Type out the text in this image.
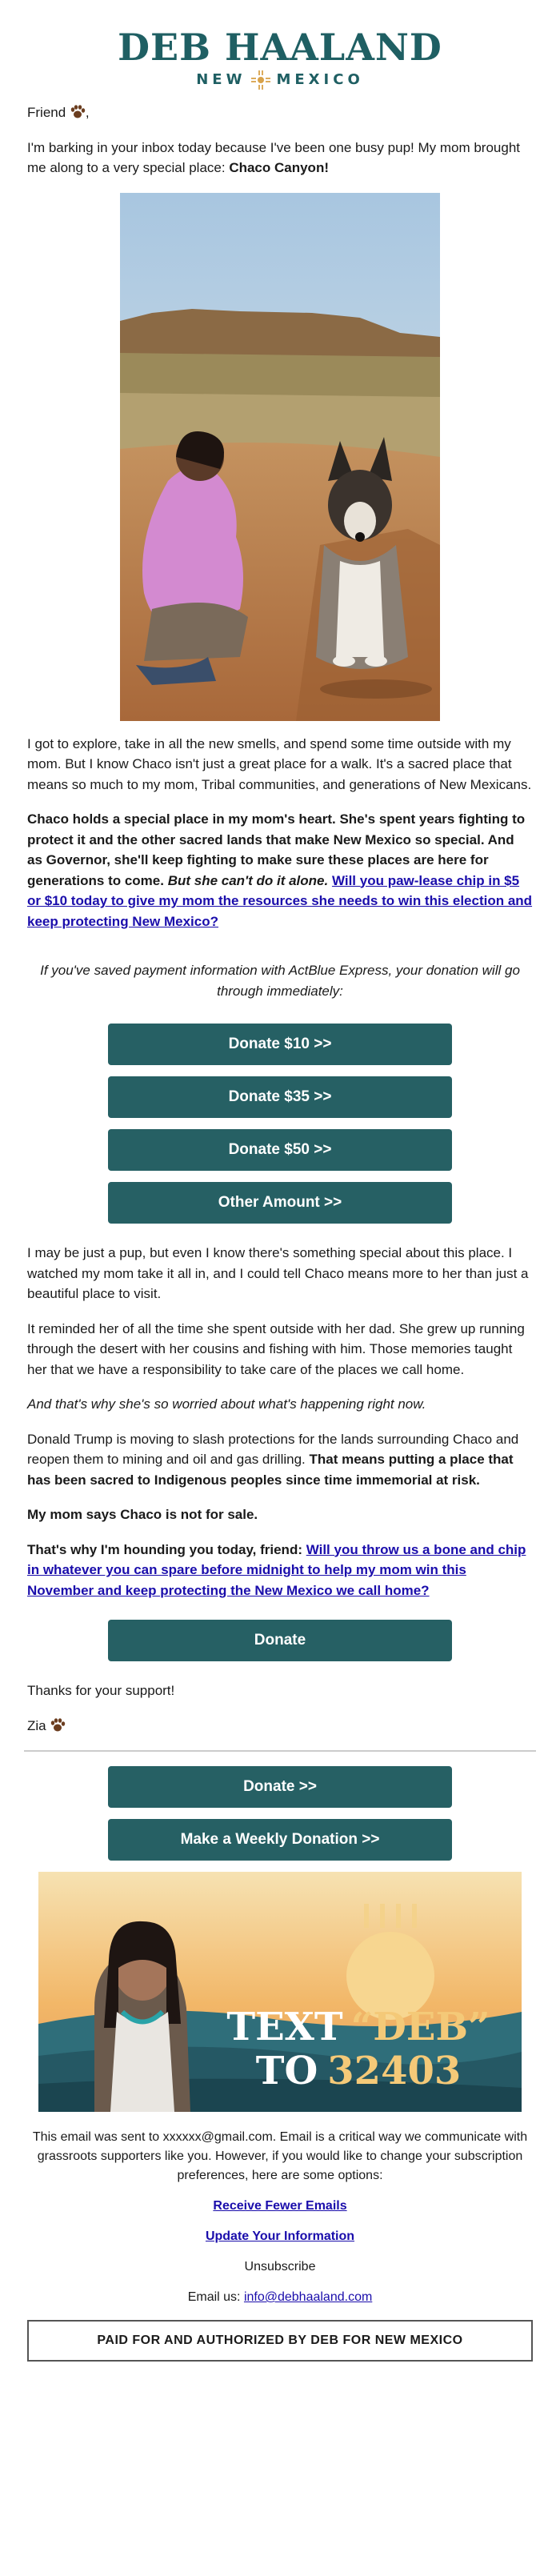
DEB HAALAND
NEW MEXICO

Friend ,

I'm barking in your inbox today because I've been one busy pup! My mom brought me along to a very special place: Chaco Canyon!

I got to explore, take in all the new smells, and spend some time outside with my mom. But I know Chaco isn't just a great place for a walk. It's a sacred place that means so much to my mom, Tribal communities, and generations of New Mexicans.

Chaco holds a special place in my mom's heart. She's spent years fighting to protect it and the other sacred lands that make New Mexico so special. And as Governor, she'll keep fighting to make sure these places are here for generations to come. But she can't do it alone. Will you paw-lease chip in $5 or $10 today to give my mom the resources she needs to win this election and keep protecting New Mexico?

If you've saved payment information with ActBlue Express, your donation will go through immediately:

Donate $10 >>
Donate $35 >>
Donate $50 >>
Other Amount >>

I may be just a pup, but even I know there's something special about this place. I watched my mom take it all in, and I could tell Chaco means more to her than just a beautiful place to visit.

It reminded her of all the time she spent outside with her dad. She grew up running through the desert with her cousins and fishing with him. Those memories taught her that we have a responsibility to take care of the places we call home.

And that's why she's so worried about what's happening right now.

Donald Trump is moving to slash protections for the lands surrounding Chaco and reopen them to mining and oil and gas drilling. That means putting a place that has been sacred to Indigenous peoples since time immemorial at risk.

My mom says Chaco is not for sale.

That's why I'm hounding you today, friend: Will you throw us a bone and chip in whatever you can spare before midnight to help my mom win this November and keep protecting the New Mexico we call home?

Donate

Thanks for your support!

Zia

Donate >>
Make a Weekly Donation >>
TEXT “DEB”
TO 32403

This email was sent to xxxxxx@gmail.com. Email is a critical way we communicate with grassroots supporters like you. However, if you would like to change your subscription preferences, here are some options:

Receive Fewer Emails

Update Your Information

Unsubscribe

Email us: info@debhaaland.com

PAID FOR AND AUTHORIZED BY DEB FOR NEW MEXICO
